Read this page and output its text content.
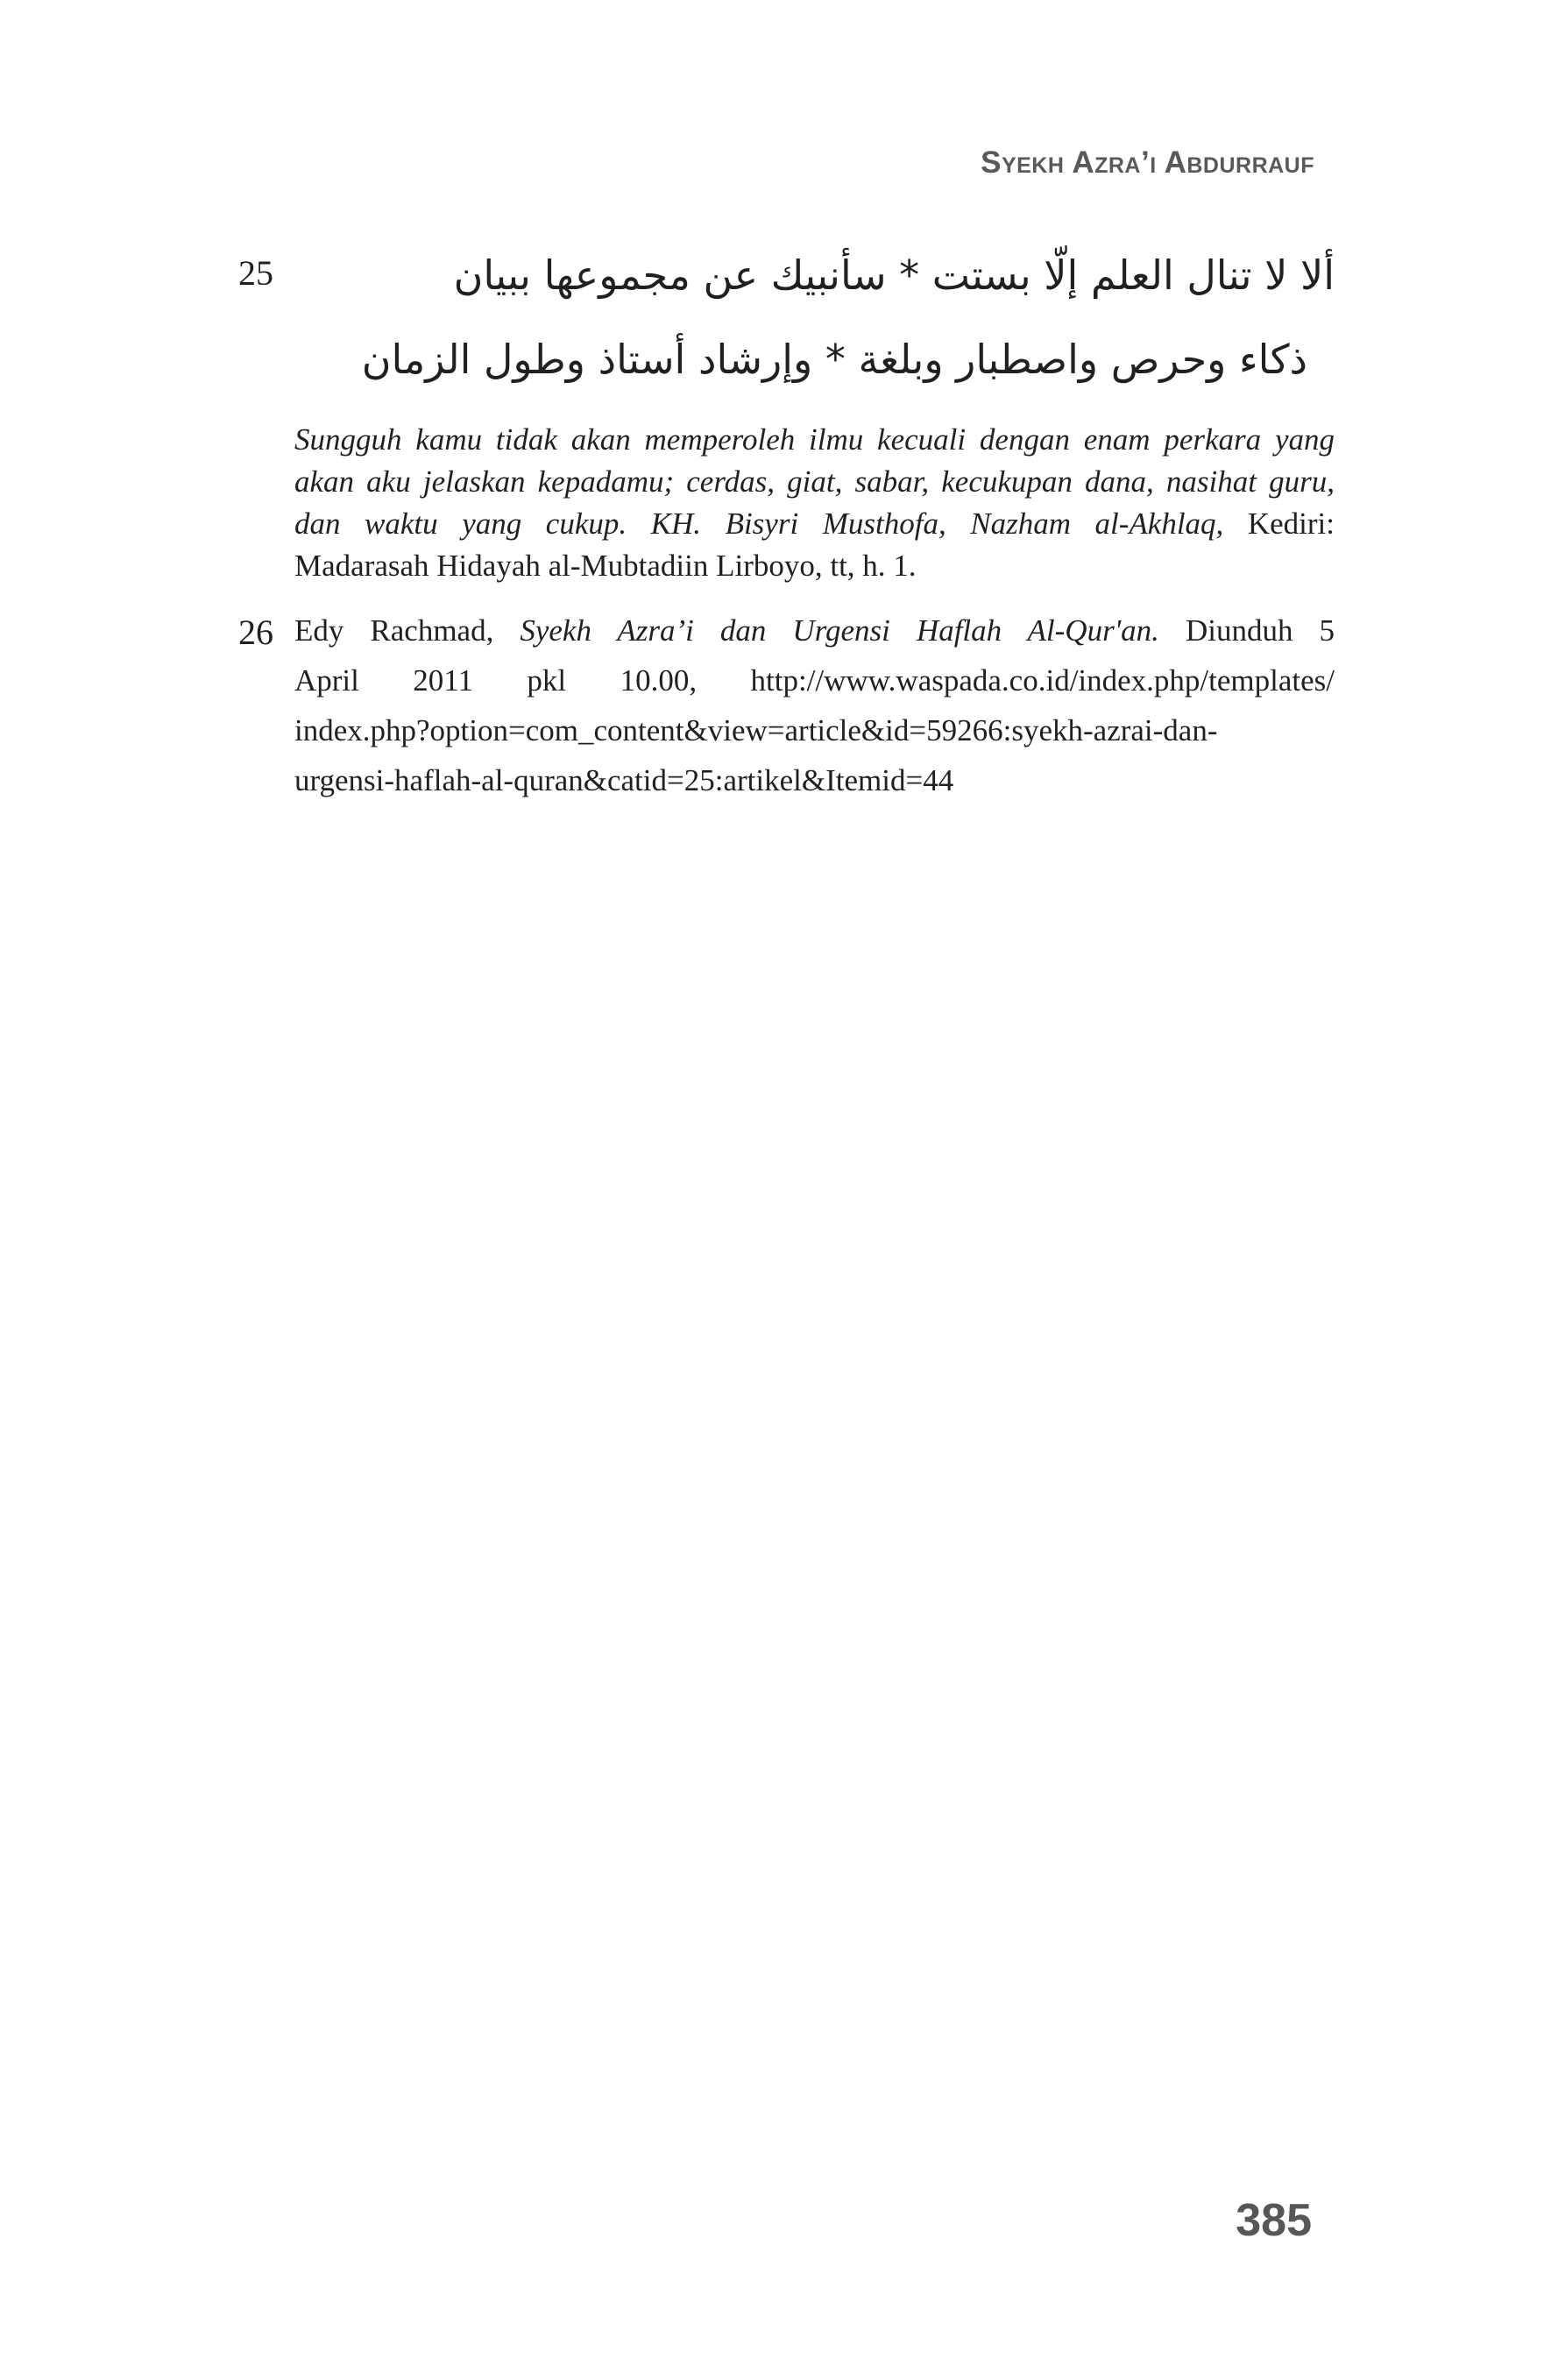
Syekh Azra’i Abdurrauf
25	ألا لا تنال العلم إلّا بستت * سأنبيك عن مجموعها ببيان
ذكاء وحرص واصطبار وبلغة * وإرشاد أستاذ وطول الزمان
Sungguh kamu tidak akan memperoleh ilmu kecuali dengan enam perkara yang
akan aku jelaskan kepadamu; cerdas, giat, sabar, kecukupan dana, nasihat guru,
dan waktu yang cukup. KH. Bisyri Musthofa, Nazham al-Akhlaq, Kediri:
Madarasah Hidayah al-Mubtadiin Lirboyo, tt, h. 1.
26 Edy Rachmad, Syekh Azra’i dan Urgensi Haflah Al-Qur'an. Diunduh 5
April 2011 pkl 10.00, http://www.waspada.co.id/index.php/templates/
index.php?option=com_content&view=article&id=59266:syekh-azrai-dan-
urgensi-haflah-al-quran&catid=25:artikel&Itemid=44
385
